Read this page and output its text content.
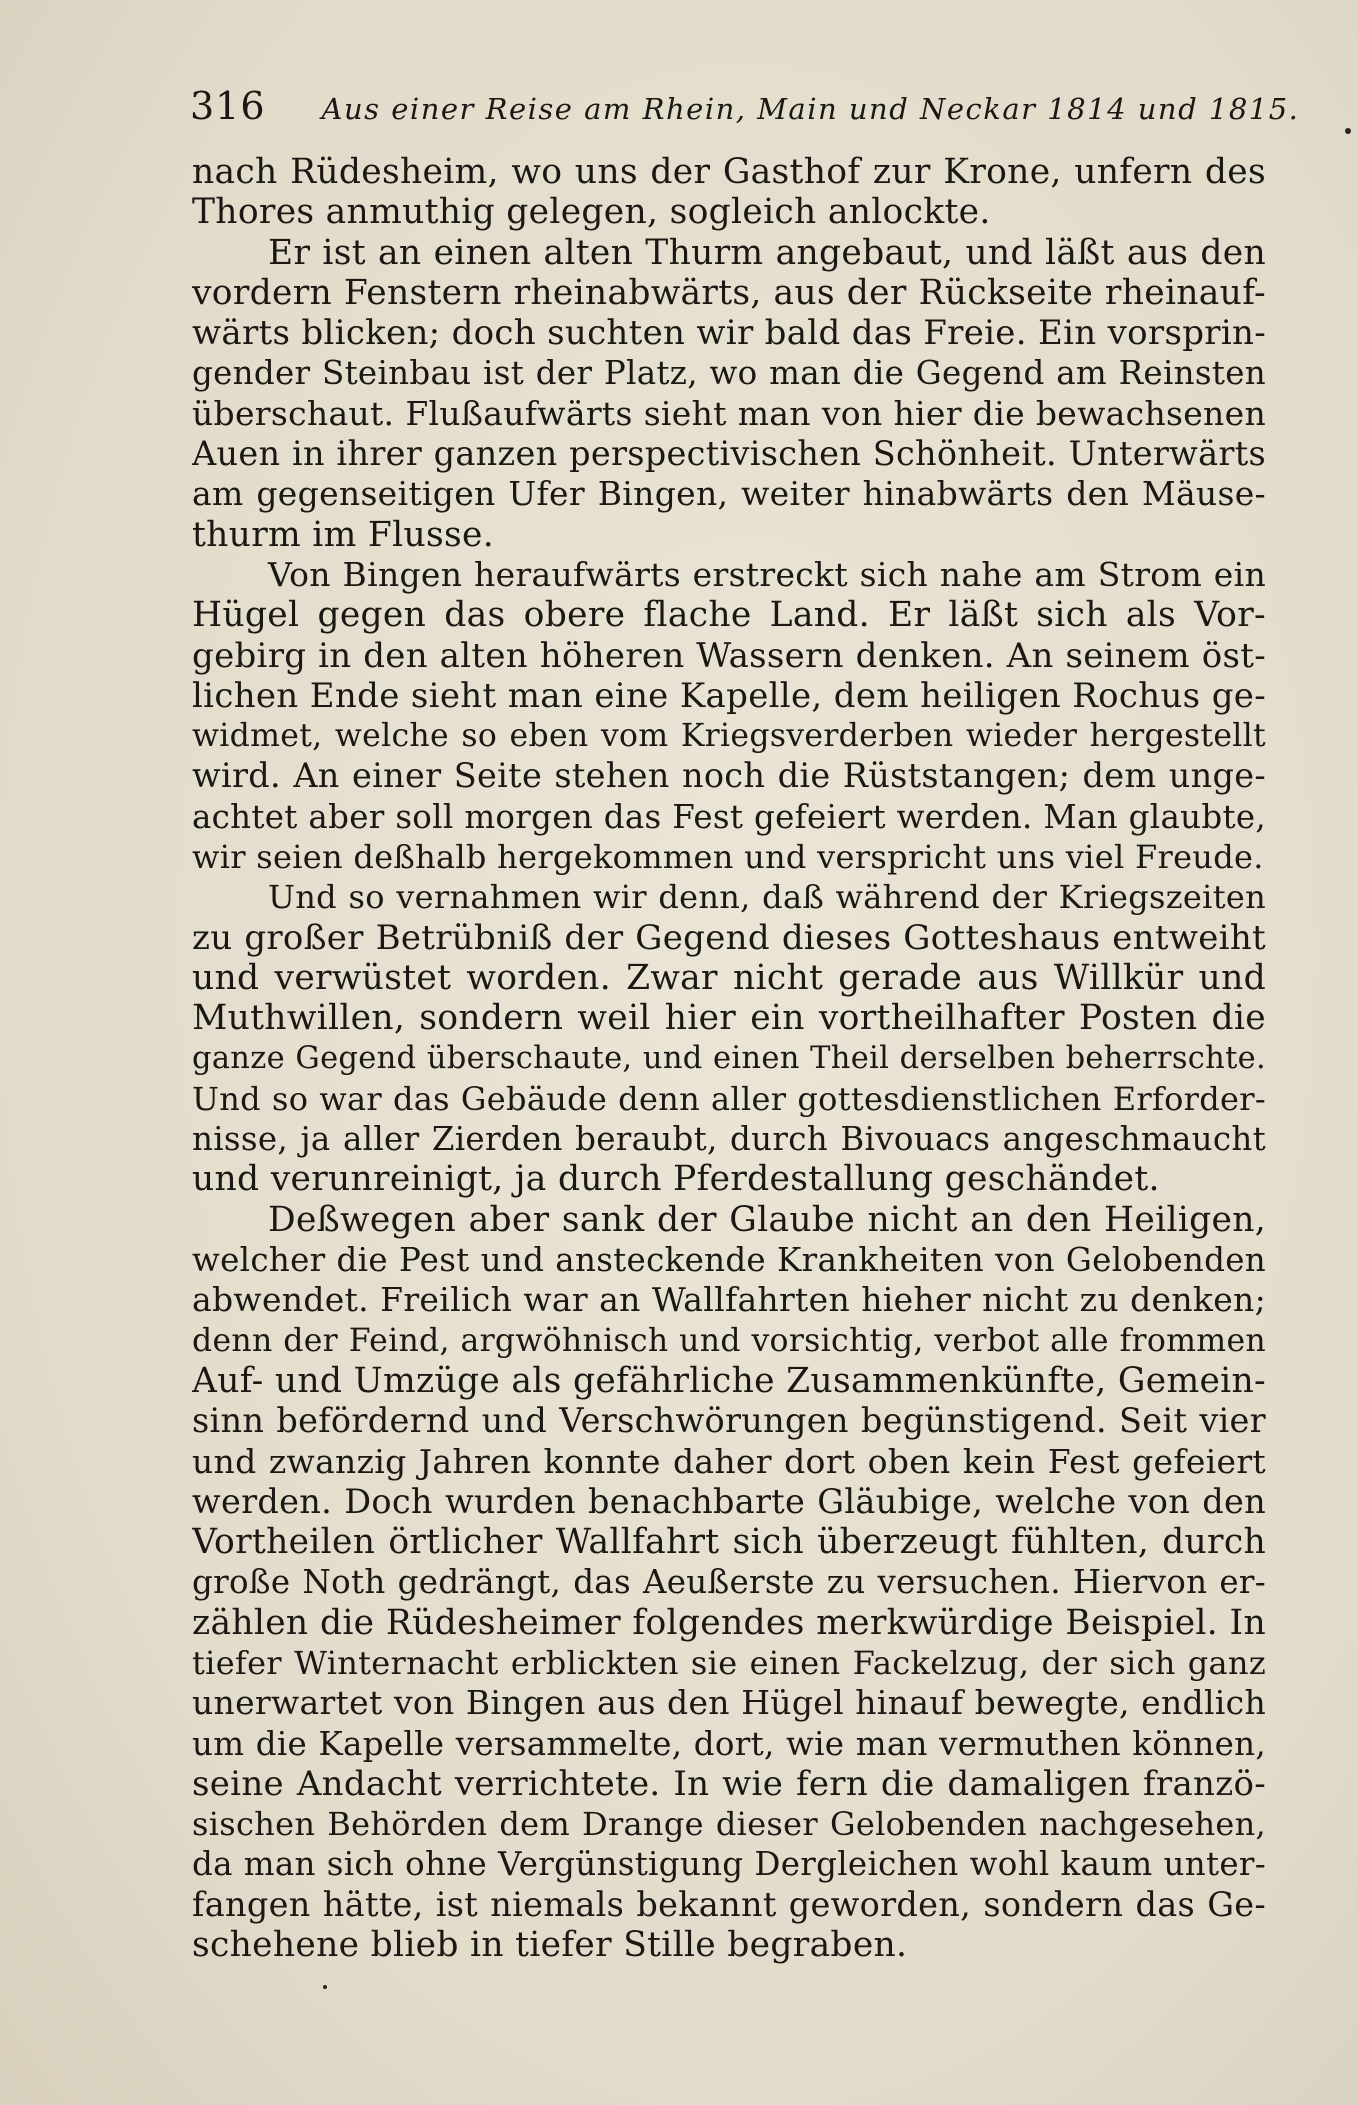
316 Aus einer Reise am Rhein, Main und Neckar 1814 und 1815.
nach Rüdesheim, wo uns der Gasthof zur Krone, unfern des
Thores anmuthig gelegen, sogleich anlockte.
Er ist an einen alten Thurm angebaut, und läßt aus den
vordern Fenstern rheinabwärts, aus der Rückseite rheinauf-
wärts blicken; doch suchten wir bald das Freie. Ein vorsprin-
gender Steinbau ist der Platz, wo man die Gegend am Reinsten
überschaut. Flußaufwärts sieht man von hier die bewachsenen
Auen in ihrer ganzen perspectivischen Schönheit. Unterwärts
am gegenseitigen Ufer Bingen, weiter hinabwärts den Mäuse-
thurm im Flusse.
Von Bingen heraufwärts erstreckt sich nahe am Strom ein
Hügel gegen das obere flache Land. Er läßt sich als Vor-
gebirg in den alten höheren Wassern denken. An seinem öst-
lichen Ende sieht man eine Kapelle, dem heiligen Rochus ge-
widmet, welche so eben vom Kriegsverderben wieder hergestellt
wird. An einer Seite stehen noch die Rüststangen; dem unge-
achtet aber soll morgen das Fest gefeiert werden. Man glaubte,
wir seien deßhalb hergekommen und verspricht uns viel Freude.
Und so vernahmen wir denn, daß während der Kriegszeiten
zu großer Betrübniß der Gegend dieses Gotteshaus entweiht
und verwüstet worden. Zwar nicht gerade aus Willkür und
Muthwillen, sondern weil hier ein vortheilhafter Posten die
ganze Gegend überschaute, und einen Theil derselben beherrschte.
Und so war das Gebäude denn aller gottesdienstlichen Erforder-
nisse, ja aller Zierden beraubt, durch Bivouacs angeschmaucht
und verunreinigt, ja durch Pferdestallung geschändet.
Deßwegen aber sank der Glaube nicht an den Heiligen,
welcher die Pest und ansteckende Krankheiten von Gelobenden
abwendet. Freilich war an Wallfahrten hieher nicht zu denken;
denn der Feind, argwöhnisch und vorsichtig, verbot alle frommen
Auf- und Umzüge als gefährliche Zusammenkünfte, Gemein-
sinn befördernd und Verschwörungen begünstigend. Seit vier
und zwanzig Jahren konnte daher dort oben kein Fest gefeiert
werden. Doch wurden benachbarte Gläubige, welche von den
Vortheilen örtlicher Wallfahrt sich überzeugt fühlten, durch
große Noth gedrängt, das Aeußerste zu versuchen. Hiervon er-
zählen die Rüdesheimer folgendes merkwürdige Beispiel. In
tiefer Winternacht erblickten sie einen Fackelzug, der sich ganz
unerwartet von Bingen aus den Hügel hinauf bewegte, endlich
um die Kapelle versammelte, dort, wie man vermuthen können,
seine Andacht verrichtete. In wie fern die damaligen franzö-
sischen Behörden dem Drange dieser Gelobenden nachgesehen,
da man sich ohne Vergünstigung Dergleichen wohl kaum unter-
fangen hätte, ist niemals bekannt geworden, sondern das Ge-
schehene blieb in tiefer Stille begraben.
